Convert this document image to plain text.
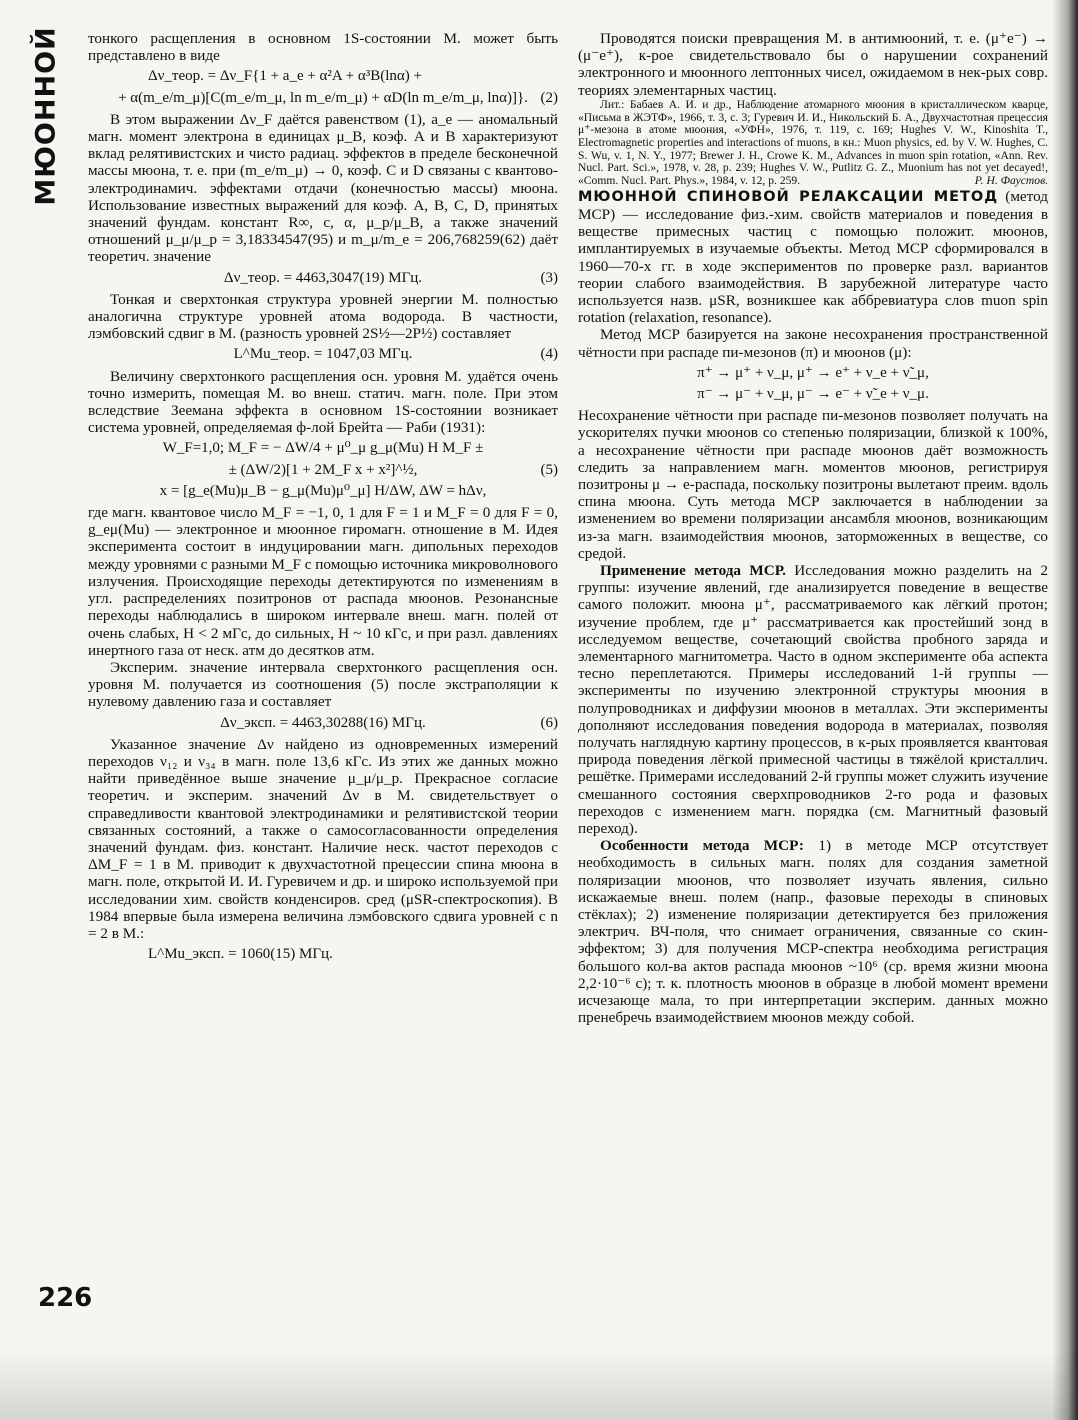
МЮОННОЙ тонкого расщепления в основном 1S-состоянии М. может быть представлено в виде

Δν_теор. = Δν_F{1 + a_e + α²A + α³B(lnα) +
+ α(m_e/m_μ)[C(m_e/m_μ, ln m_e/m_μ) + αD(ln m_e/m_μ, lnα)]}. (2)

В этом выражении Δν_F даётся равенством (1), a_e — аномальный магн. момент электрона в единицах μ_B, коэф. A и B характеризуют вклад релятивистских и чисто радиац. эффектов в пределе бесконечной массы мюона, т. е. при (m_e/m_μ) → 0, коэф. C и D связаны с квантово-электродинамич. эффектами отдачи (конечностью массы) мюона. Использование известных выражений для коэф. A, B, C, D, принятых значений фундам. констант R∞, c, α, μ_p/μ_B, а также значений отношений μ_μ/μ_p = 3,18334547(95) и m_μ/m_e = 206,768259(62) даёт теоретич. значение

Δν_теор. = 4463,3047(19) МГц.	(3)

Тонкая и сверхтонкая структура уровней энергии М. полностью аналогична структуре уровней атома водорода. В частности, лэмбовский сдвиг в М. (разность уровней 2S½—2P½) составляет

L^Mu_теор. = 1047,03 МГц.	(4)

Величину сверхтонкого расщепления осн. уровня М. удаётся очень точно измерить, помещая М. во внеш. статич. магн. поле. При этом вследствие Зеемана эффекта в основном 1S-состоянии возникает система уровней, определяемая ф-лой Брейта — Раби (1931):

W_F=1,0; M_F = − ΔW/4 + μ⁰_μ g_μ(Mu) H M_F ±
± (ΔW/2)[1 + 2M_F x + x²]^½,	(5)
x = [g_e(Mu)μ_B − g_μ(Mu)μ⁰_μ] H/ΔW, ΔW = hΔν,

где магн. квантовое число M_F = −1, 0, 1 для F = 1 и M_F = 0 для F = 0, g_eμ(Mu) — электронное и мюонное гиромагн. отношение в М. Идея эксперимента состоит в индуцировании магн. дипольных переходов между уровнями с разными M_F с помощью источника микроволнового излучения. Происходящие переходы детектируются по изменениям в угл. распределениях позитронов от распада мюонов. Резонансные переходы наблюдались в широком интервале внеш. магн. полей от очень слабых, H < 2 мГс, до сильных, H ~ 10 кГс, и при разл. давлениях инертного газа от неск. атм до десятков атм.

Эксперим. значение интервала сверхтонкого расщепления осн. уровня М. получается из соотношения (5) после экстраполяции к нулевому давлению газа и составляет

Δν_эксп. = 4463,30288(16) МГц.	(6)

Указанное значение Δν найдено из одновременных измерений переходов ν₁₂ и ν₃₄ в магн. поле 13,6 кГс. Из этих же данных можно найти приведённое выше значение μ_μ/μ_p. Прекрасное согласие теоретич. и эксперим. значений Δν в М. свидетельствует о справедливости квантовой электродинамики и релятивистской теории связанных состояний, а также о самосогласованности определения значений фундам. физ. констант. Наличие неск. частот переходов с ΔM_F = 1 в М. приводит к двухчастотной прецессии спина мюона в магн. поле, открытой И. И. Гуревичем и др. и широко используемой при исследовании хим. свойств конденсиров. сред (μSR-спектроскопия). В 1984 впервые была измерена величина лэмбовского сдвига уровней с n = 2 в М.:

L^Mu_эксп. = 1060(15) МГц.

Проводятся поиски превращения М. в антимюоний, т. е. (μ⁺e⁻) → (μ⁻e⁺), к-рое свидетельствовало бы о нарушении сохранений электронного и мюонного лептонных чисел, ожидаемом в нек-рых совр. теориях элементарных частиц.

Лит.: Бабаев А. И. и др., Наблюдение атомарного мюония в кристаллическом кварце, «Письма в ЖЭТФ», 1966, т. 3, с. 3; Гуревич И. И., Никольский Б. А., Двухчастотная прецессия μ⁺-мезона в атоме мюония, «УФН», 1976, т. 119, с. 169; Hughes V. W., Kinoshita T., Electromagnetic properties and interactions of muons, в кн.: Muon physics, ed. by V. W. Hughes, C. S. Wu, v. 1, N. Y., 1977; Brewer J. H., Crowe K. M., Advances in muon spin rotation, «Ann. Rev. Nucl. Part. Sci.», 1978, v. 28, p. 239; Hughes V. W., Putlitz G. Z., Muonium has not yet decayed!, «Comm. Nucl. Part. Phys.», 1984, v. 12, p. 259.	Р. Н. Фаустов.

МЮОННОЙ СПИНОВОЙ РЕЛАКСАЦИИ МЕТОД (метод МСР) — исследование физ.-хим. свойств материалов и поведения в веществе примесных частиц с помощью положит. мюонов, имплантируемых в изучаемые объекты. Метод МСР сформировался в 1960—70-х гг. в ходе экспериментов по проверке разл. вариантов теории слабого взаимодействия. В зарубежной литературе часто используется назв. μSR, возникшее как аббревиатура слов muon spin rotation (relaxation, resonance).

Метод МСР базируется на законе несохранения пространственной чётности при распаде пи-мезонов (π) и мюонов (μ):

π⁺ → μ⁺ + ν_μ, μ⁺ → e⁺ + ν_e + ν̃_μ,
π⁻ → μ⁻ + ν_μ, μ⁻ → e⁻ + ν̃_e + ν_μ.

Несохранение чётности при распаде пи-мезонов позволяет получать на ускорителях пучки мюонов со степенью поляризации, близкой к 100%, а несохранение чётности при распаде мюонов даёт возможность следить за направлением магн. моментов мюонов, регистрируя позитроны μ → e-распада, поскольку позитроны вылетают преим. вдоль спина мюона. Суть метода МСР заключается в наблюдении за изменением во времени поляризации ансамбля мюонов, возникающим из-за магн. взаимодействия мюонов, заторможенных в веществе, со средой.

Применение метода МСР. Исследования можно разделить на 2 группы: изучение явлений, где анализируется поведение в веществе самого положит. мюона μ⁺, рассматриваемого как лёгкий протон; изучение проблем, где μ⁺ рассматривается как простейший зонд в исследуемом веществе, сочетающий свойства пробного заряда и элементарного магнитометра. Часто в одном эксперименте оба аспекта тесно переплетаются. Примеры исследований 1-й группы — эксперименты по изучению электронной структуры мюония в полупроводниках и диффузии мюонов в металлах. Эти эксперименты дополняют исследования поведения водорода в материалах, позволяя получать наглядную картину процессов, в к-рых проявляется квантовая природа поведения лёгкой примесной частицы в тяжёлой кристаллич. решётке. Примерами исследований 2-й группы может служить изучение смешанного состояния сверхпроводников 2-го рода и фазовых переходов с изменением магн. порядка (см. Магнитный фазовый переход).

Особенности метода МСР: 1) в методе МСР отсутствует необходимость в сильных магн. полях для создания заметной поляризации мюонов, что позволяет изучать явления, сильно искажаемые внеш. полем (напр., фазовые переходы в спиновых стёклах); 2) изменение поляризации детектируется без приложения электрич. ВЧ-поля, что снимает ограничения, связанные со скин-эффектом; 3) для получения МСР-спектра необходима регистрация большого кол-ва актов распада мюонов ~10⁶ (ср. время жизни мюона 2,2·10⁻⁶ с); т. к. плотность мюонов в образце в любой момент времени исчезающе мала, то при интерпретации эксперим. данных можно пренебречь взаимодействием мюонов между собой.

226
